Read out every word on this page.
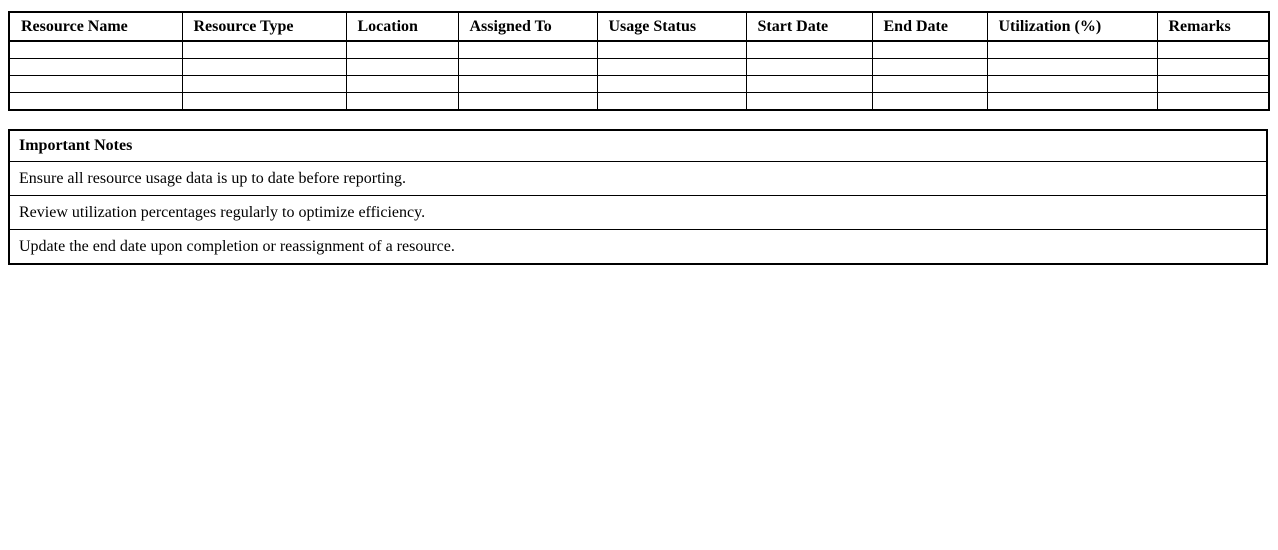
Resource Name	Resource Type	Location	Assigned To	Usage Status	Start Date	End Date	Utilization (%)	Remarks

Important Notes
Ensure all resource usage data is up to date before reporting.
Review utilization percentages regularly to optimize efficiency.
Update the end date upon completion or reassignment of a resource.
